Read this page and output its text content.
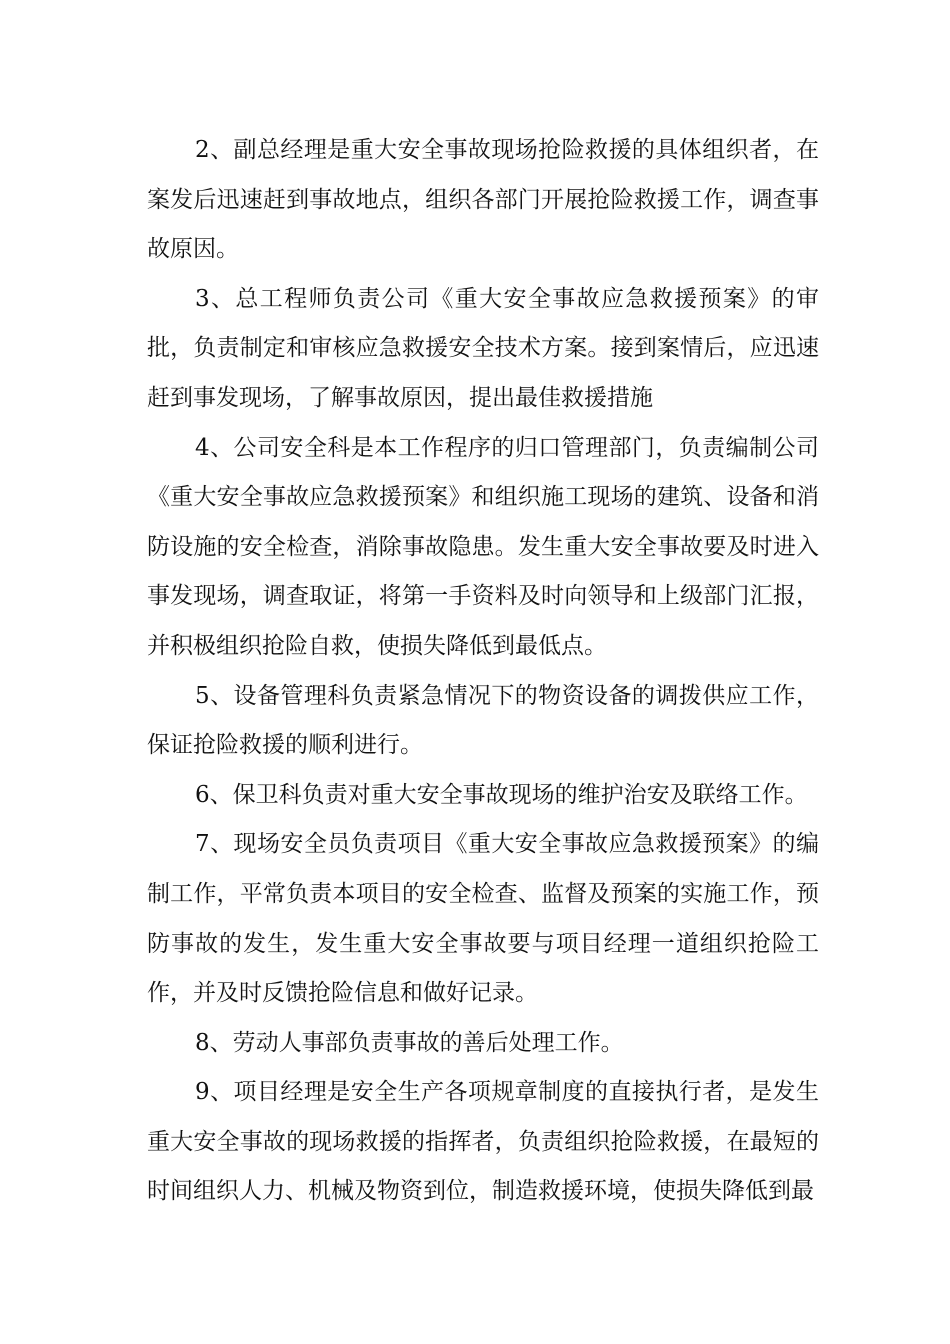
2、副总经理是重大安全事故现场抢险救援的具体组织者，在案发后迅速赶到事故地点，组织各部门开展抢险救援工作，调查事故原因。

3、总工程师负责公司《重大安全事故应急救援预案》的审批，负责制定和审核应急救援安全技术方案。接到案情后，应迅速赶到事发现场，了解事故原因，提出最佳救援措施

4、公司安全科是本工作程序的归口管理部门，负责编制公司《重大安全事故应急救援预案》和组织施工现场的建筑、设备和消防设施的安全检查，消除事故隐患。发生重大安全事故要及时进入事发现场，调查取证，将第一手资料及时向领导和上级部门汇报，并积极组织抢险自救，使损失降低到最低点。

5、设备管理科负责紧急情况下的物资设备的调拨供应工作，保证抢险救援的顺利进行。

6、保卫科负责对重大安全事故现场的维护治安及联络工作。

7、现场安全员负责项目《重大安全事故应急救援预案》的编制工作，平常负责本项目的安全检查、监督及预案的实施工作，预防事故的发生，发生重大安全事故要与项目经理一道组织抢险工作，并及时反馈抢险信息和做好记录。

8、劳动人事部负责事故的善后处理工作。

9、项目经理是安全生产各项规章制度的直接执行者，是发生重大安全事故的现场救援的指挥者，负责组织抢险救援，在最短的时间组织人力、机械及物资到位，制造救援环境，使损失降低到最
